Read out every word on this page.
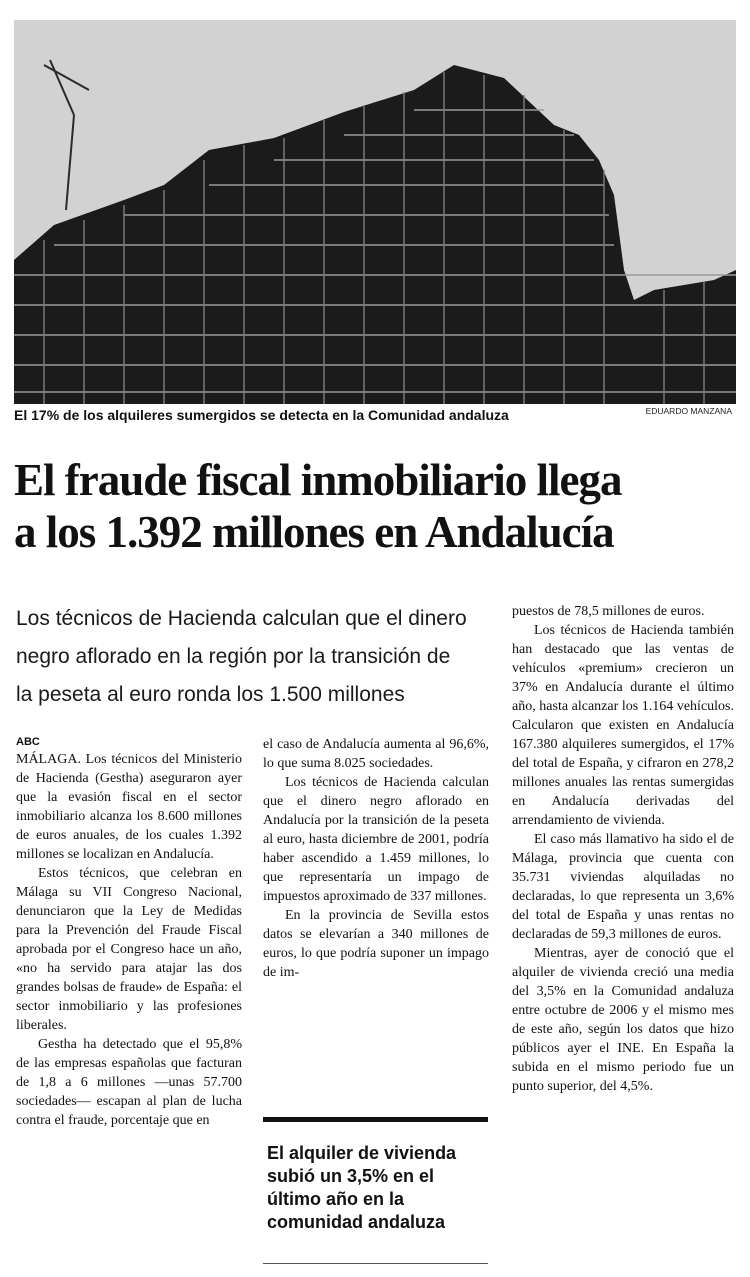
El 17% de los alquileres sumergidos se detecta en la Comunidad andaluza	EDUARDO MANZANA
El fraude fiscal inmobiliario llega
a los 1.392 millones en Andalucía
Los técnicos de Hacienda calculan que el dinero
negro aflorado en la región por la transición de
la peseta al euro ronda los 1.500 millones
ABC

MÁLAGA. Los técnicos del Ministerio de Hacienda (Gestha) aseguraron ayer que la evasión fiscal en el sector inmobiliario alcanza los 8.600 millones de euros anuales, de los cuales 1.392 millones se localizan en Andalucía.

Estos técnicos, que celebran en Málaga su VII Congreso Nacional, denunciaron que la Ley de Medidas para la Prevención del Fraude Fiscal aprobada por el Congreso hace un año, «no ha servido para atajar las dos grandes bolsas de fraude» de España: el sector inmobiliario y las profesiones liberales.

Gestha ha detectado que el 95,8% de las empresas españolas que facturan de 1,8 a 6 millones —unas 57.700 sociedades— escapan al plan de lucha contra el fraude, porcentaje que en

el caso de Andalucía aumenta al 96,6%, lo que suma 8.025 sociedades.

Los técnicos de Hacienda calculan que el dinero negro aflorado en Andalucía por la transición de la peseta al euro, hasta diciembre de 2001, podría haber ascendido a 1.459 millones, lo que representaría un impago de impuestos aproximado de 337 millones.

En la provincia de Sevilla estos datos se elevarían a 340 millones de euros, lo que podría suponer un impago de im-

El alquiler de vivienda subió un 3,5% en el último año en la comunidad andaluza

puestos de 78,5 millones de euros.

Los técnicos de Hacienda también han destacado que las ventas de vehículos «premium» crecieron un 37% en Andalucía durante el último año, hasta alcanzar los 1.164 vehículos. Calcularon que existen en Andalucía 167.380 alquileres sumergidos, el 17% del total de España, y cifraron en 278,2 millones anuales las rentas sumergidas en Andalucía derivadas del arrendamiento de vivienda.

El caso más llamativo ha sido el de Málaga, provincia que cuenta con 35.731 viviendas alquiladas no declaradas, lo que representa un 3,6% del total de España y unas rentas no declaradas de 59,3 millones de euros.

Mientras, ayer de conoció que el alquiler de vivienda creció una media del 3,5% en la Comunidad andaluza entre octubre de 2006 y el mismo mes de este año, según los datos que hizo públicos ayer el INE. En España la subida en el mismo periodo fue un punto superior, del 4,5%.
